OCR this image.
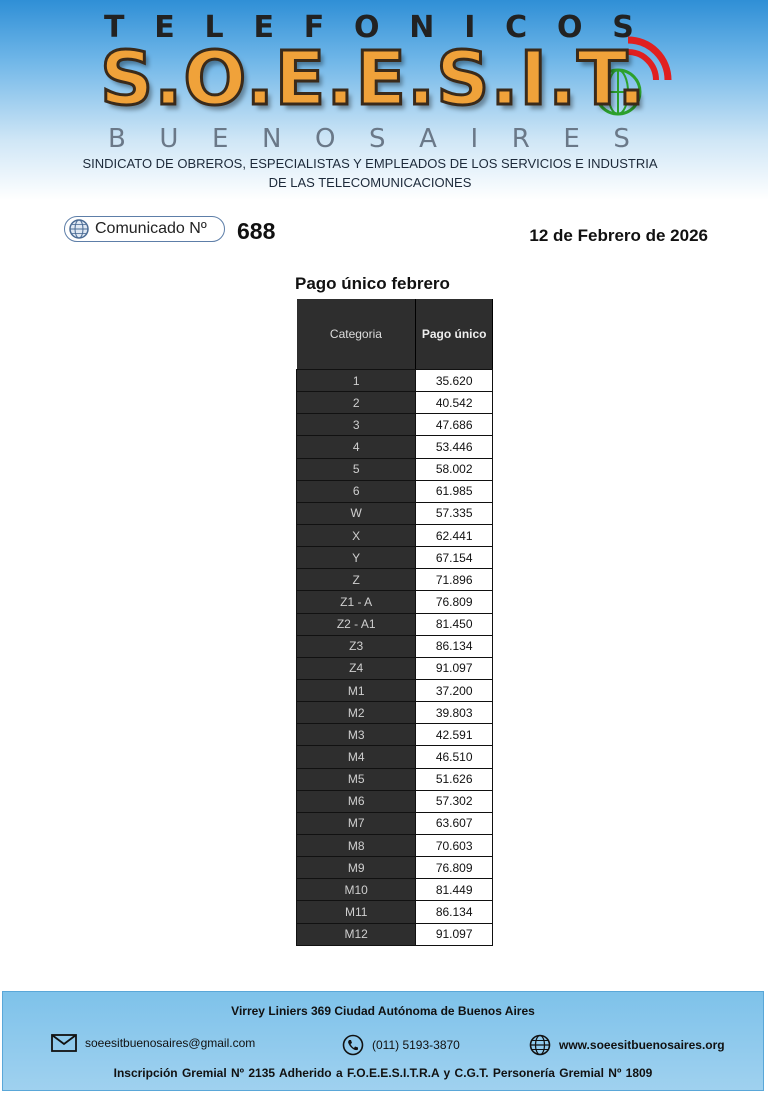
T E L E F O N I C O S
S.O.E.E.S.I.T.
B U E N O S A I R E S
SINDICATO DE OBREROS, ESPECIALISTAS Y EMPLEADOS DE LOS SERVICIOS E INDUSTRIA
DE LAS TELECOMUNICACIONES
Comunicado Nº 688	12 de Febrero de 2026
Pago único febrero
Categoria	Pago único

1	35.620
2	40.542
3	47.686
4	53.446
5	58.002
6	61.985
W	57.335
X	62.441
Y	67.154
Z	71.896
Z1 - A	76.809
Z2 - A1	81.450
Z3	86.134
Z4	91.097
M1	37.200
M2	39.803
M3	42.591
M4	46.510
M5	51.626
M6	57.302
M7	63.607
M8	70.603
M9	76.809
M10	81.449
M11	86.134
M12	91.097
Virrey Liniers 369 Ciudad Autónoma de Buenos Aires
soeesitbuenosaires@gmail.com	(011) 5193-3870	www.soeesitbuenosaires.org
Inscripción Gremial Nº 2135 Adherido a F.O.E.E.S.I.T.R.A y C.G.T. Personería Gremial Nº 1809
